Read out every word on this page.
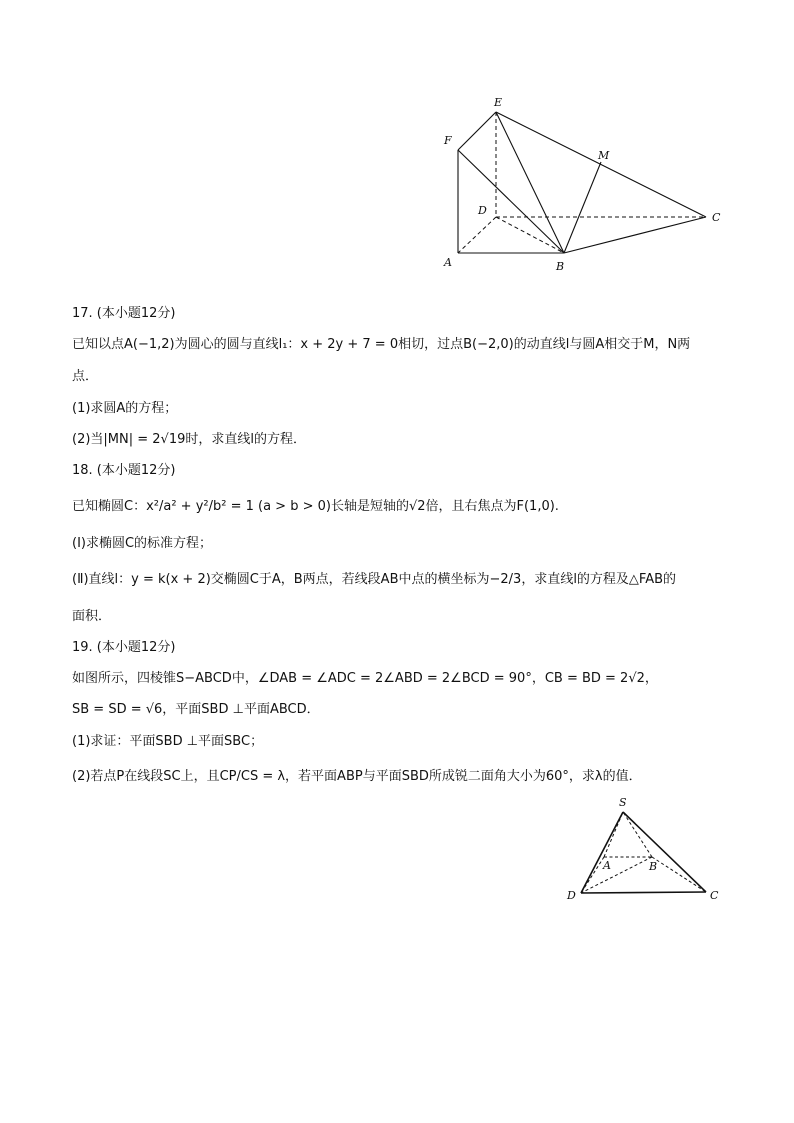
E
F
M
D
C
A	B
17. (本小题12分)
已知以点A(−1,2)为圆心的圆与直线l₁：x + 2y + 7 = 0相切，过点B(−2,0)的动直线l与圆A相交于M，N两
点．
(1)求圆A的方程；
(2)当|MN| = 2√19时，求直线l的方程．
18. (本小题12分)
已知椭圆C：x²/a² + y²/b² = 1 (a > b > 0)长轴是短轴的√2倍，且右焦点为F(1,0).
(Ⅰ)求椭圆C的标准方程；
(Ⅱ)直线l：y = k(x + 2)交椭圆C于A，B两点，若线段AB中点的横坐标为−2/3，求直线l的方程及△FAB的
面积．
19. (本小题12分)
如图所示，四棱锥S−ABCD中，∠DAB = ∠ADC = 2∠ABD = 2∠BCD = 90°，CB = BD = 2√2，
SB = SD = √6，平面SBD ⊥平面ABCD．
(1)求证：平面SBD ⊥平面SBC；
(2)若点P在线段SC上，且CP/CS = λ，若平面ABP与平面SBD所成锐二面角大小为60°，求λ的值．
S
A	B
D	C
